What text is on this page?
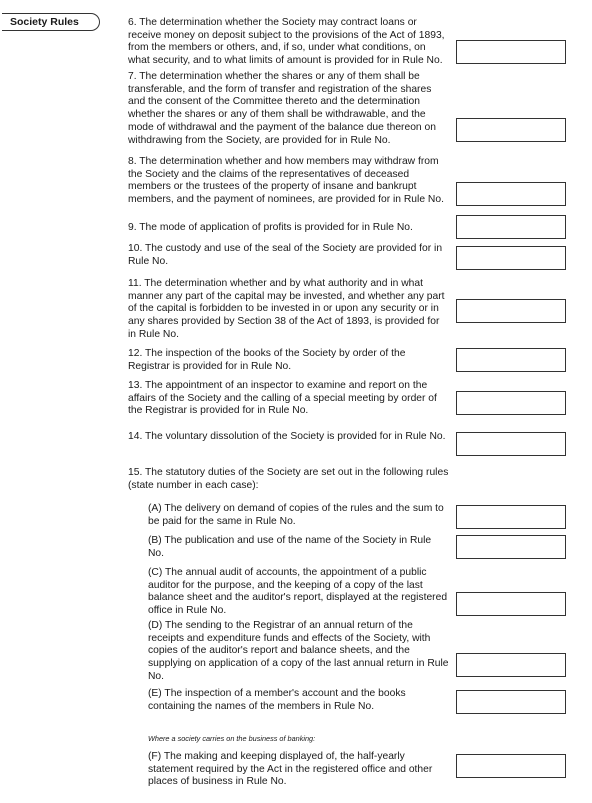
Society Rules	6. The determination whether the Society may contract loans or receive money on deposit subject to the provisions of the Act of 1893, from the members or others, and, if so, under what conditions, on what security, and to what limits of amount is provided for in Rule No.
7. The determination whether the shares or any of them shall be transferable, and the form of transfer and registration of the shares and the consent of the Committee thereto and the determination whether the shares or any of them shall be withdrawable, and the mode of withdrawal and the payment of the balance due thereon on withdrawing from the Society, are provided for in Rule No.
8. The determination whether and how members may withdraw from the Society and the claims of the representatives of deceased members or the trustees of the property of insane and bankrupt members, and the payment of nominees, are provided for in Rule No.
9. The mode of application of profits is provided for in Rule No.
10. The custody and use of the seal of the Society are provided for in Rule No.
11. The determination whether and by what authority and in what manner any part of the capital may be invested, and whether any part of the capital is forbidden to be invested in or upon any security or in any shares provided by Section 38 of the Act of 1893, is provided for in Rule No.
12. The inspection of the books of the Society by order of the Registrar is provided for in Rule No.
13. The appointment of an inspector to examine and report on the affairs of the Society and the calling of a special meeting by order of the Registrar is provided for in Rule No.
14. The voluntary dissolution of the Society is provided for in Rule No.
15. The statutory duties of the Society are set out in the following rules (state number in each case):
(A) The delivery on demand of copies of the rules and the sum to be paid for the same in Rule No.
(B) The publication and use of the name of the Society in Rule No.
(C) The annual audit of accounts, the appointment of a public auditor for the purpose, and the keeping of a copy of the last balance sheet and the auditor's report, displayed at the registered office in Rule No.
(D) The sending to the Registrar of an annual return of the receipts and expenditure funds and effects of the Society, with copies of the auditor's report and balance sheets, and the supplying on application of a copy of the last annual return in Rule No.
(E) The inspection of a member's account and the books containing the names of the members in Rule No.
Where a society carries on the business of banking:
(F) The making and keeping displayed of, the half-yearly statement required by the Act in the registered office and other places of business in Rule No.
